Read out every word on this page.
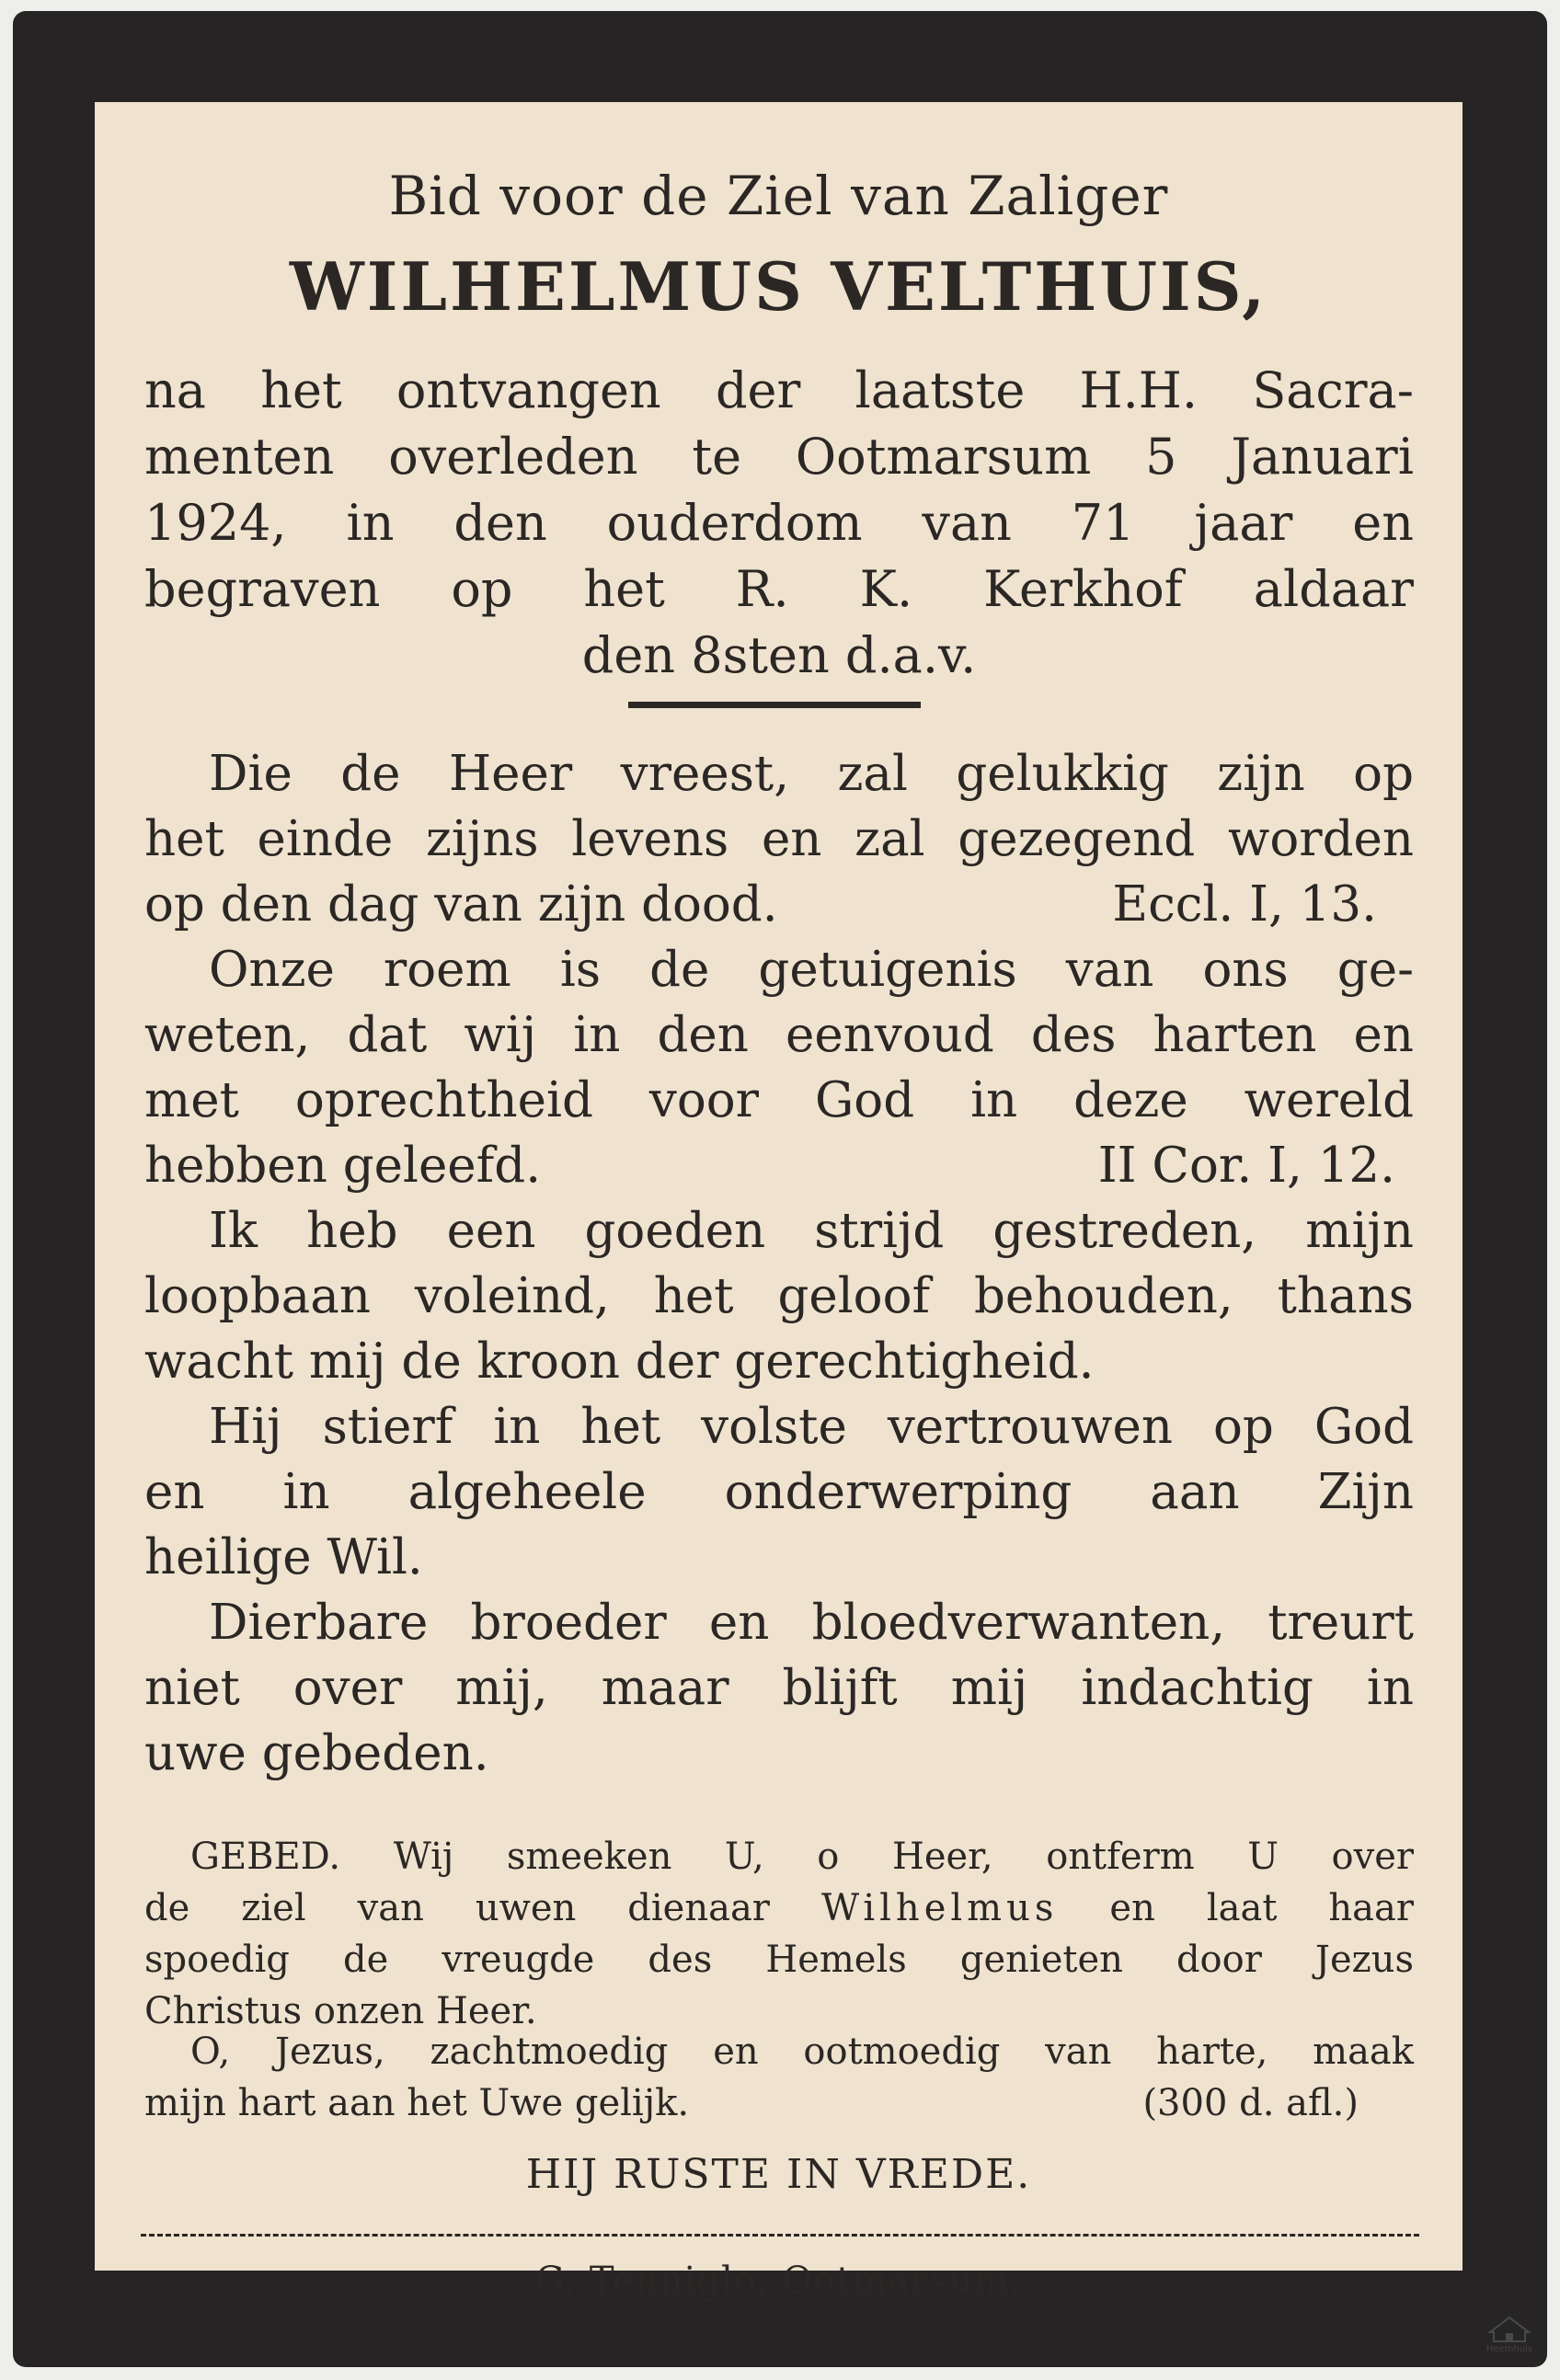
Bid voor de Ziel van Zaliger
WILHELMUS VELTHUIS,
na het ontvangen der laatste H.H. Sacra-
menten overleden te Ootmarsum 5 Januari
1924, in den ouderdom van 71 jaar en
begraven op het R. K. Kerkhof aldaar
den 8sten d.a.v.
Die de Heer vreest, zal gelukkig zijn op
het einde zijns levens en zal gezegend worden
op den dag van zijn dood.	Eccl. I, 13.
Onze roem is de getuigenis van ons ge-
weten, dat wij in den eenvoud des harten en
met oprechtheid voor God in deze wereld
hebben geleefd.	II Cor. I, 12.
Ik heb een goeden strijd gestreden, mijn
loopbaan voleind, het geloof behouden, thans
wacht mij de kroon der gerechtigheid.
Hij stierf in het volste vertrouwen op God
en in algeheele onderwerping aan Zijn
heilige Wil.
Dierbare broeder en bloedverwanten, treurt
niet over mij, maar blijft mij indachtig in
uwe gebeden.
GEBED. Wij smeeken U, o Heer, ontferm U over
de ziel van uwen dienaar Wilhelmus en laat haar
spoedig de vreugde des Hemels genieten door Jezus
Christus onzen Heer.
O, Jezus, zachtmoedig en ootmoedig van harte, maak
mijn hart aan het Uwe gelijk.	(300 d. afl.)
HIJ RUSTE IN VREDE.
G. Tenniglo, Ootmarsum.
Heemhuis
